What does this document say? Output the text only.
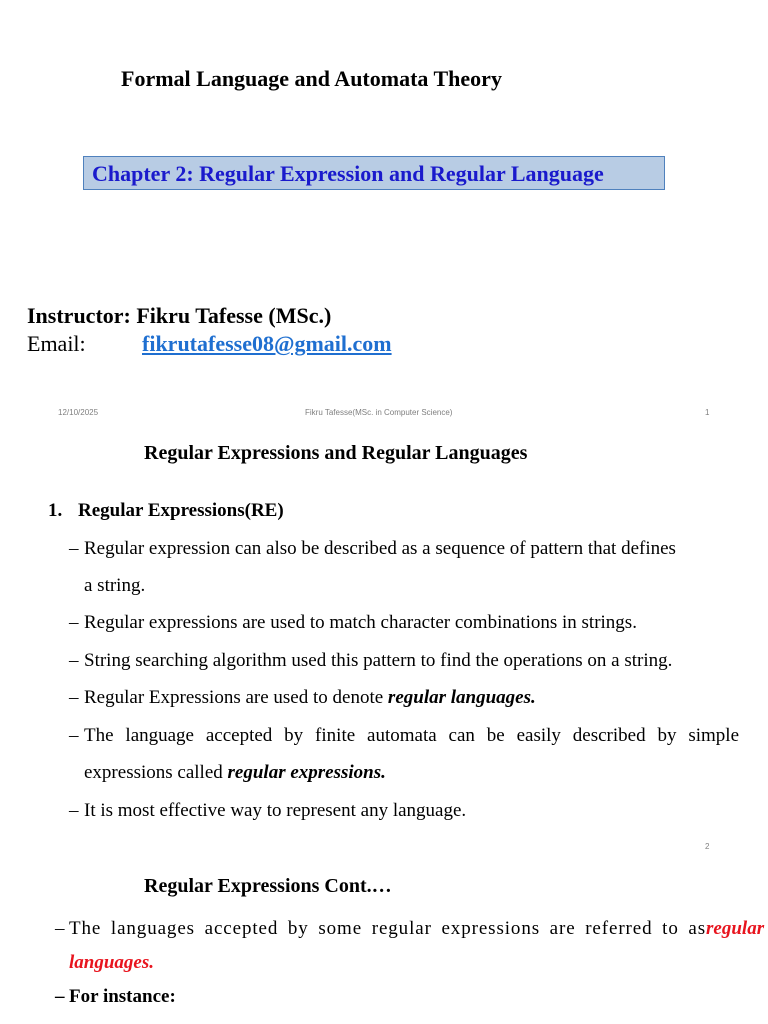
Formal Language and Automata Theory
Chapter 2: Regular Expression and Regular Language
Instructor: Fikru Tafesse (MSc.)
Email:	fikrutafesse08@gmail.com
12/10/2025	Fikru Tafesse(MSc. in Computer Science)	1
Regular Expressions and Regular Languages
1. Regular Expressions(RE)
– Regular expression can also be described as a sequence of pattern that defines
a string.
– Regular expressions are used to match character combinations in strings.
– String searching algorithm used this pattern to find the operations on a string.
– Regular Expressions are used to denote regular languages.
– The language accepted by finite automata can be easily described by simple
expressions called regular expressions.
– It is most effective way to represent any language.
2
Regular Expressions Cont.…
– The languages accepted by some regular expressions are referred to as regular
languages.
– For instance:
